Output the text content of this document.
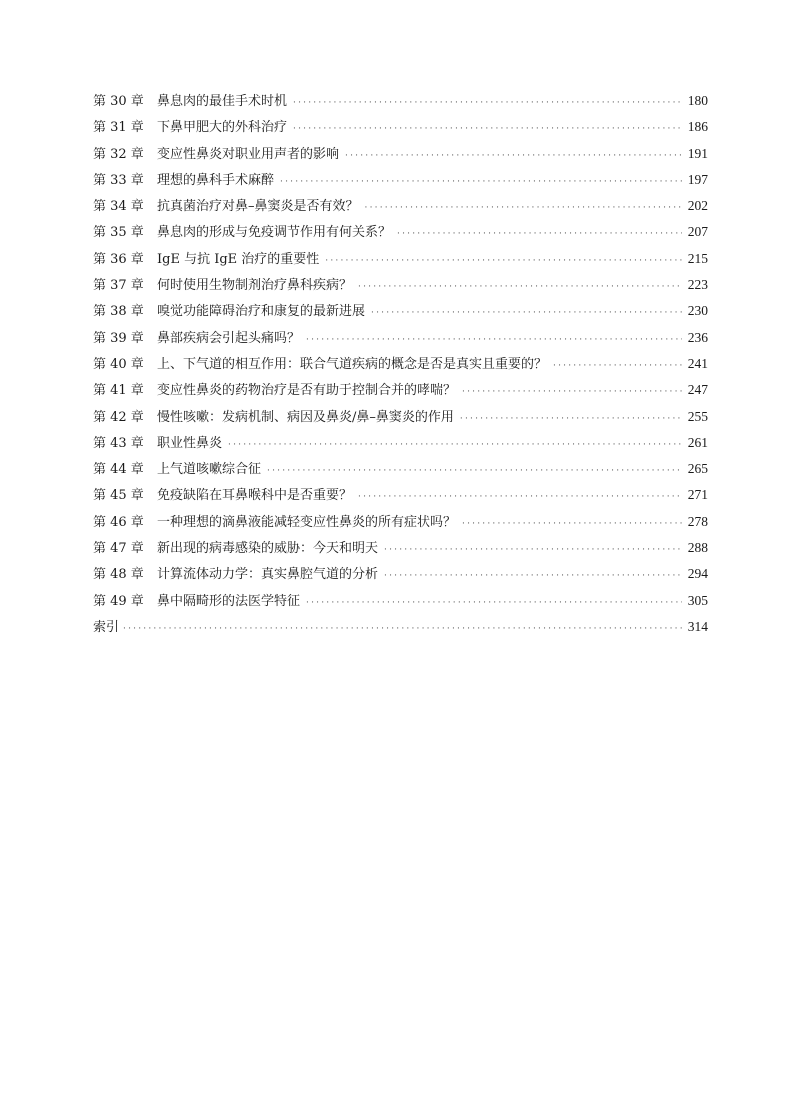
第 30 章	鼻息肉的最佳手术时机 ·····	180
第 31 章	下鼻甲肥大的外科治疗 ·····	186
第 32 章	变应性鼻炎对职业用声者的影响 ·····	191
第 33 章	理想的鼻科手术麻醉 ·····	197
第 34 章	抗真菌治疗对鼻–鼻窦炎是否有效？ ·····	202
第 35 章	鼻息肉的形成与免疫调节作用有何关系？ ·····	207
第 36 章	IgE 与抗 IgE 治疗的重要性 ·····	215
第 37 章	何时使用生物制剂治疗鼻科疾病？ ·····	223
第 38 章	嗅觉功能障碍治疗和康复的最新进展 ·····	230
第 39 章	鼻部疾病会引起头痛吗？ ·····	236
第 40 章	上、下气道的相互作用：联合气道疾病的概念是否是真实且重要的？ ·····	241
第 41 章	变应性鼻炎的药物治疗是否有助于控制合并的哮喘？ ·····	247
第 42 章	慢性咳嗽：发病机制、病因及鼻炎/鼻–鼻窦炎的作用 ·····	255
第 43 章	职业性鼻炎 ·····	261
第 44 章	上气道咳嗽综合征 ·····	265
第 45 章	免疫缺陷在耳鼻喉科中是否重要？ ·····	271
第 46 章	一种理想的滴鼻液能减轻变应性鼻炎的所有症状吗？ ·····	278
第 47 章	新出现的病毒感染的威胁：今天和明天 ·····	288
第 48 章	计算流体动力学：真实鼻腔气道的分析 ·····	294
第 49 章	鼻中隔畸形的法医学特征 ·····	305
索引 ·····	314
